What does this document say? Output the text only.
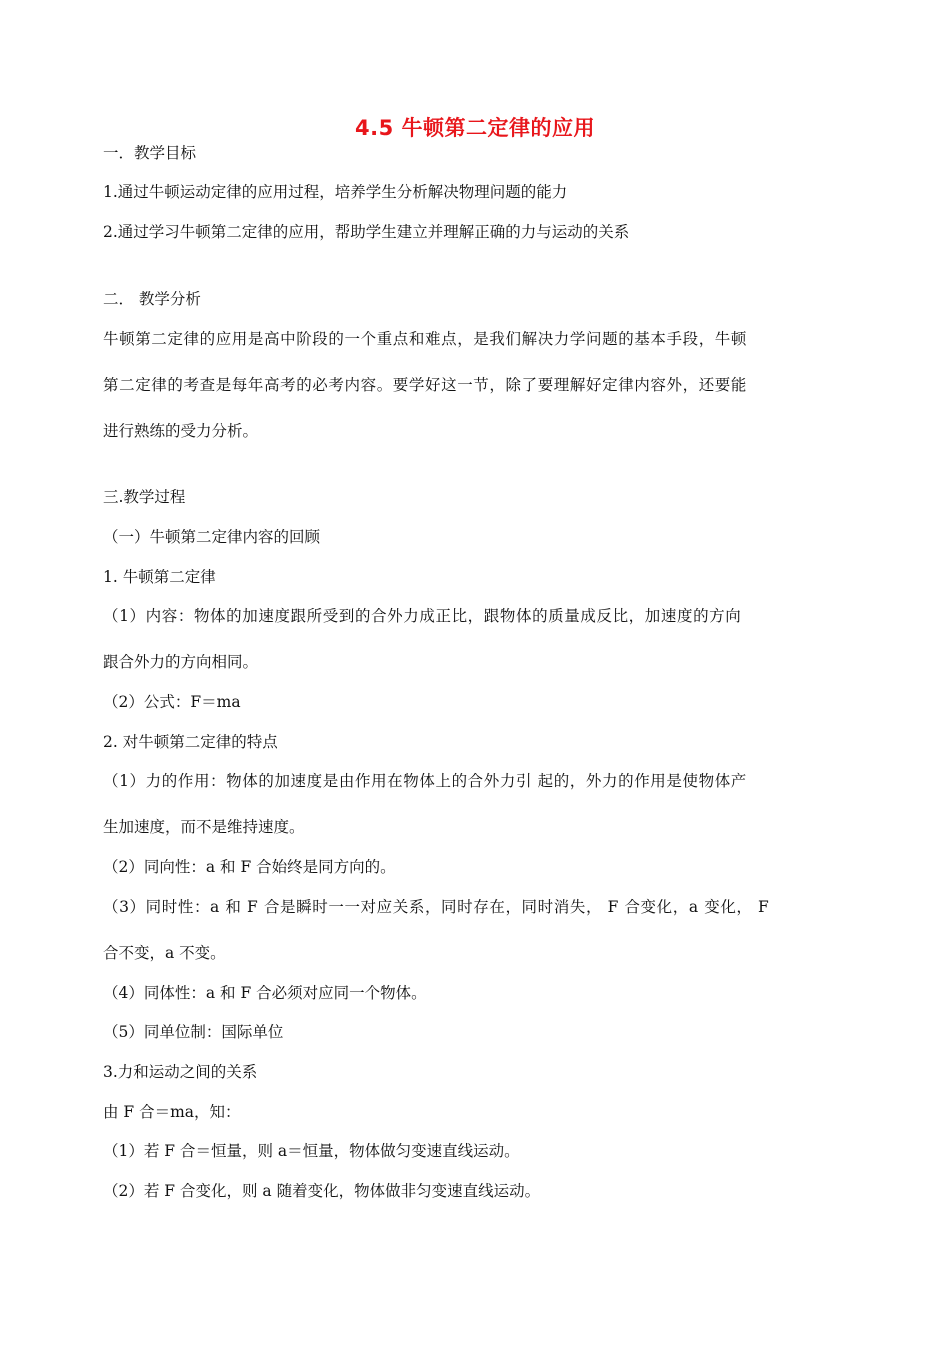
4.5 牛顿第二定律的应用
一．教学目标
1.通过牛顿运动定律的应用过程，培养学生分析解决物理问题的能力
2.通过学习牛顿第二定律的应用，帮助学生建立并理解正确的力与运动的关系
二． 教学分析
牛顿第二定律的应用是高中阶段的一个重点和难点，是我们解决力学问题的基本手段，牛顿
第二定律的考查是每年高考的必考内容。要学好这一节，除了要理解好定律内容外，还要能
进行熟练的受力分析。
三.教学过程
（一）牛顿第二定律内容的回顾
1. 牛顿第二定律
（1）内容：物体的加速度跟所受到的合外力成正比，跟物体的质量成反比，加速度的方向
跟合外力的方向相同。
（2）公式：F＝ma
2. 对牛顿第二定律的特点
（1）力的作用：物体的加速度是由作用在物体上的合外力引 起的，外力的作用是使物体产
生加速度，而不是维持速度。
（2）同向性：a 和 F 合始终是同方向的。
（3）同时性：a 和 F 合是瞬时一一对应关系，同时存在，同时消失， F 合变化，a 变化， F
合不变，a 不变。
（4）同体性：a 和 F 合必须对应同一个物体。
（5）同单位制：国际单位
3.力和运动之间的关系
由 F 合＝ma，知：
（1）若 F 合＝恒量，则 a＝恒量，物体做匀变速直线运动。
（2）若 F 合变化，则 a 随着变化，物体做非匀变速直线运动。
